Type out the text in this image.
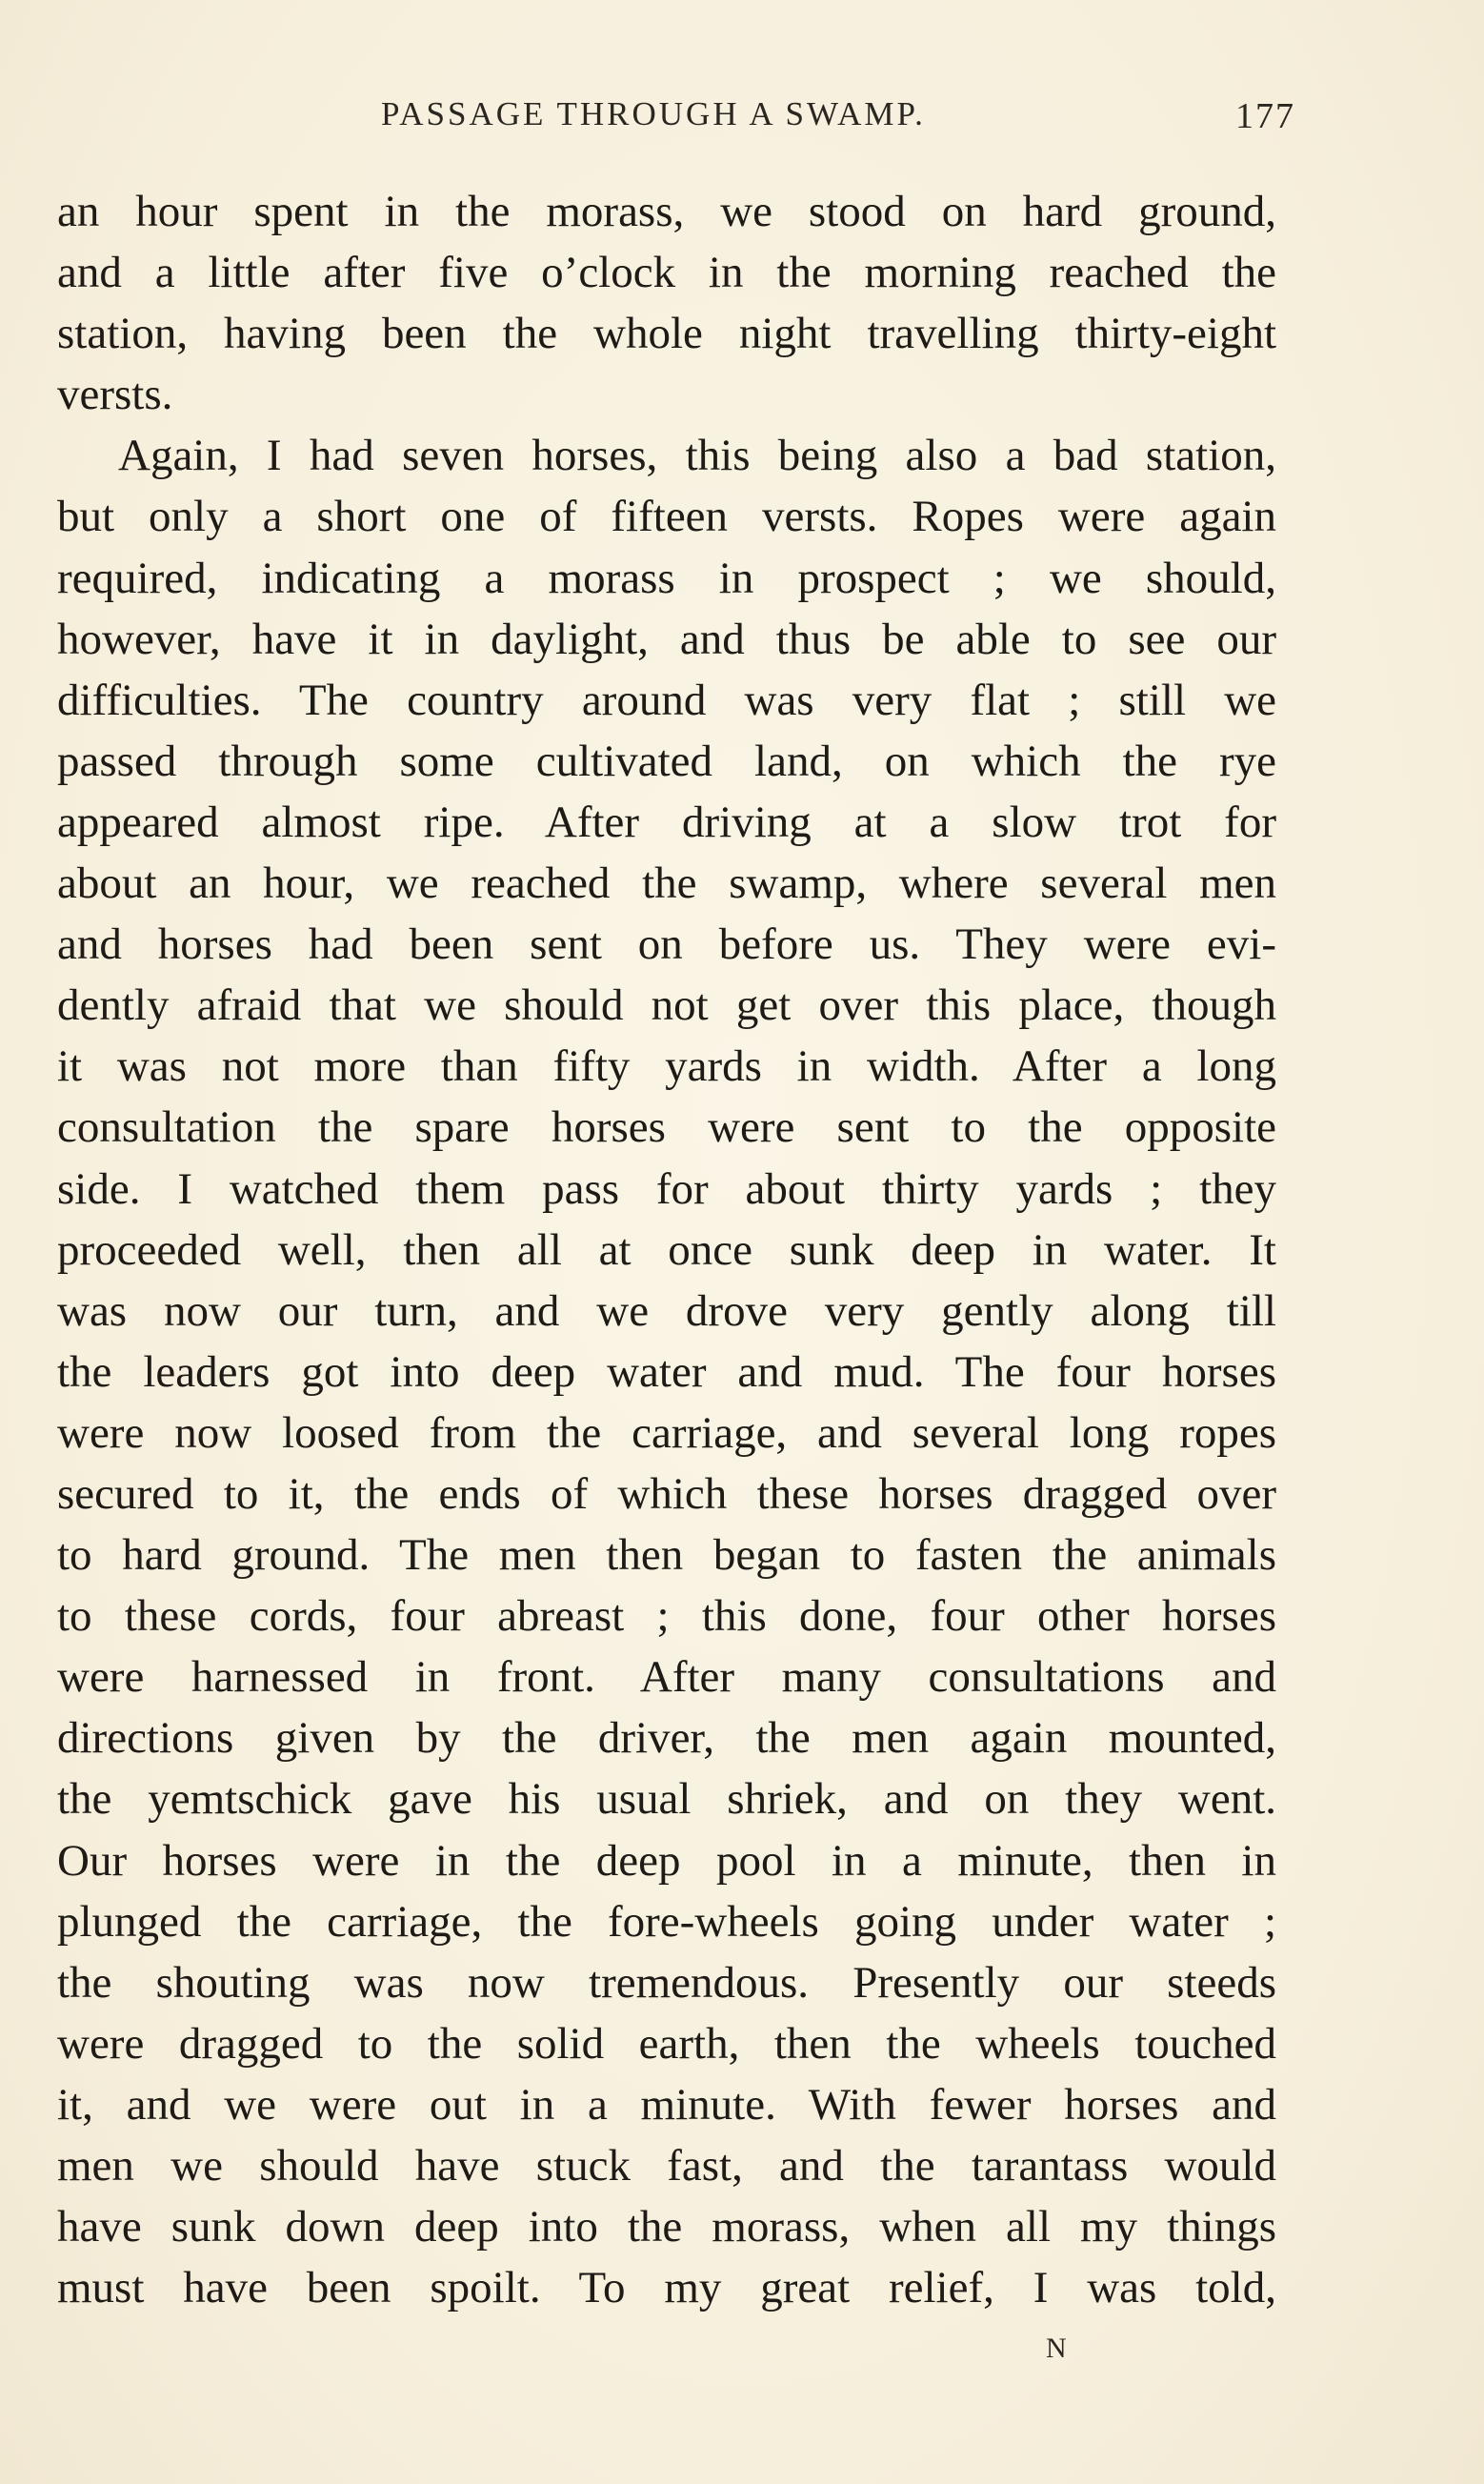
PASSAGE THROUGH A SWAMP.	177
an hour spent in the morass, we stood on hard ground,
and a little after five o’clock in the morning reached the
station, having been the whole night travelling thirty-eight
versts.
Again, I had seven horses, this being also a bad station,
but only a short one of fifteen versts. Ropes were again
required, indicating a morass in prospect ; we should,
however, have it in daylight, and thus be able to see our
difficulties. The country around was very flat ; still we
passed through some cultivated land, on which the rye
appeared almost ripe. After driving at a slow trot for
about an hour, we reached the swamp, where several men
and horses had been sent on before us. They were evi-
dently afraid that we should not get over this place, though
it was not more than fifty yards in width. After a long
consultation the spare horses were sent to the opposite
side. I watched them pass for about thirty yards ; they
proceeded well, then all at once sunk deep in water. It
was now our turn, and we drove very gently along till
the leaders got into deep water and mud. The four horses
were now loosed from the carriage, and several long ropes
secured to it, the ends of which these horses dragged over
to hard ground. The men then began to fasten the animals
to these cords, four abreast ; this done, four other horses
were harnessed in front. After many consultations and
directions given by the driver, the men again mounted,
the yemtschick gave his usual shriek, and on they went.
Our horses were in the deep pool in a minute, then in
plunged the carriage, the fore-wheels going under water ;
the shouting was now tremendous. Presently our steeds
were dragged to the solid earth, then the wheels touched
it, and we were out in a minute. With fewer horses and
men we should have stuck fast, and the tarantass would
have sunk down deep into the morass, when all my things
must have been spoilt. To my great relief, I was told,
N
